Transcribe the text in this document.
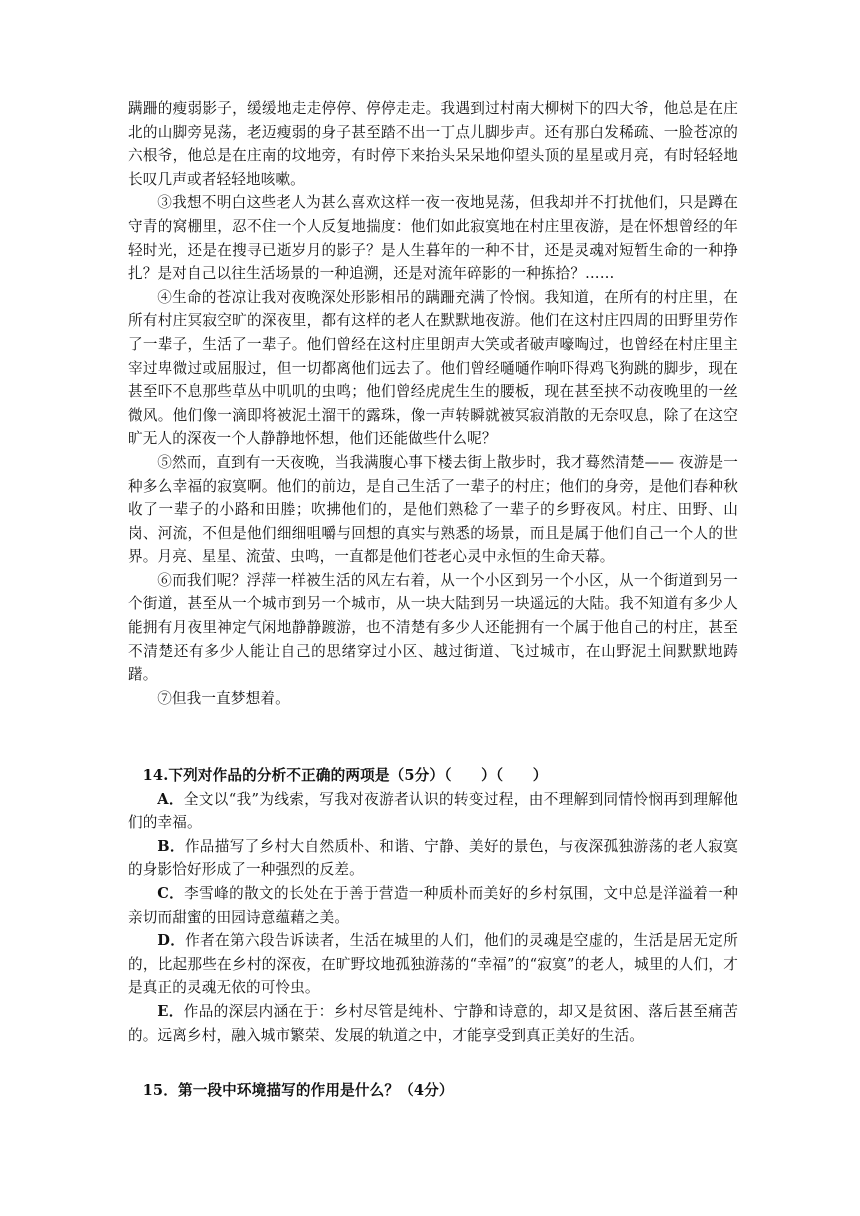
蹒跚的瘦弱影子，缓缓地走走停停、停停走走。我遇到过村南大柳树下的四大爷，他总是在庄北的山脚旁晃荡，老迈瘦弱的身子甚至踏不出一丁点儿脚步声。还有那白发稀疏、一脸苍凉的六根爷，他总是在庄南的坟地旁，有时停下来抬头呆呆地仰望头顶的星星或月亮，有时轻轻地长叹几声或者轻轻地咳嗽。

③我想不明白这些老人为甚么喜欢这样一夜一夜地晃荡，但我却并不打扰他们，只是蹲在守青的窝棚里，忍不住一个人反复地揣度：他们如此寂寞地在村庄里夜游，是在怀想曾经的年轻时光，还是在搜寻已逝岁月的影子？是人生暮年的一种不甘，还是灵魂对短暂生命的一种挣扎？是对自己以往生活场景的一种追溯，还是对流年碎影的一种拣拾？……

④生命的苍凉让我对夜晚深处形影相吊的蹒跚充满了怜悯。我知道，在所有的村庄里，在所有村庄冥寂空旷的深夜里，都有这样的老人在默默地夜游。他们在这村庄四周的田野里劳作了一辈子，生活了一辈子。他们曾经在这村庄里朗声大笑或者破声嚎啕过，也曾经在村庄里主宰过卑微过或屈服过，但一切都离他们远去了。他们曾经嗵嗵作响吓得鸡飞狗跳的脚步，现在甚至吓不息那些草丛中叽叽的虫鸣；他们曾经虎虎生生的腰板，现在甚至挟不动夜晚里的一丝微风。他们像一滴即将被泥土溜干的露珠，像一声转瞬就被冥寂消散的无奈叹息，除了在这空旷无人的深夜一个人静静地怀想，他们还能做些什么呢？

⑤然而，直到有一天夜晚，当我满腹心事下楼去街上散步时，我才蓦然清楚—— 夜游是一种多么幸福的寂寞啊。他们的前边，是自己生活了一辈子的村庄；他们的身旁，是他们春种秋收了一辈子的小路和田塍；吹拂他们的，是他们熟稔了一辈子的乡野夜风。村庄、田野、山岗、河流，不但是他们细细咀嚼与回想的真实与熟悉的场景，而且是属于他们自己一个人的世界。月亮、星星、流萤、虫鸣，一直都是他们苍老心灵中永恒的生命天幕。

⑥而我们呢？浮萍一样被生活的风左右着，从一个小区到另一个小区，从一个街道到另一个街道，甚至从一个城市到另一个城市，从一块大陆到另一块遥远的大陆。我不知道有多少人能拥有月夜里神定气闲地静静踱游，也不清楚有多少人还能拥有一个属于他自己的村庄，甚至不清楚还有多少人能让自己的思绪穿过小区、越过街道、飞过城市，在山野泥土间默默地踌躇。

⑦但我一直梦想着。

14.下列对作品的分析不正确的两项是（5分）（　　）（　　）

A．全文以“我”为线索，写我对夜游者认识的转变过程，由不理解到同情怜悯再到理解他们的幸福。

B．作品描写了乡村大自然质朴、和谐、宁静、美好的景色，与夜深孤独游荡的老人寂寞的身影恰好形成了一种强烈的反差。

C．李雪峰的散文的长处在于善于营造一种质朴而美好的乡村氛围，文中总是洋溢着一种亲切而甜蜜的田园诗意蕴藉之美。

D．作者在第六段告诉读者，生活在城里的人们，他们的灵魂是空虚的，生活是居无定所的，比起那些在乡村的深夜，在旷野坟地孤独游荡的“幸福”的“寂寞”的老人，城里的人们，才是真正的灵魂无依的可怜虫。

E．作品的深层内涵在于：乡村尽管是纯朴、宁静和诗意的，却又是贫困、落后甚至痛苦的。远离乡村，融入城市繁荣、发展的轨道之中，才能享受到真正美好的生活。

15．第一段中环境描写的作用是什么？（4分）
